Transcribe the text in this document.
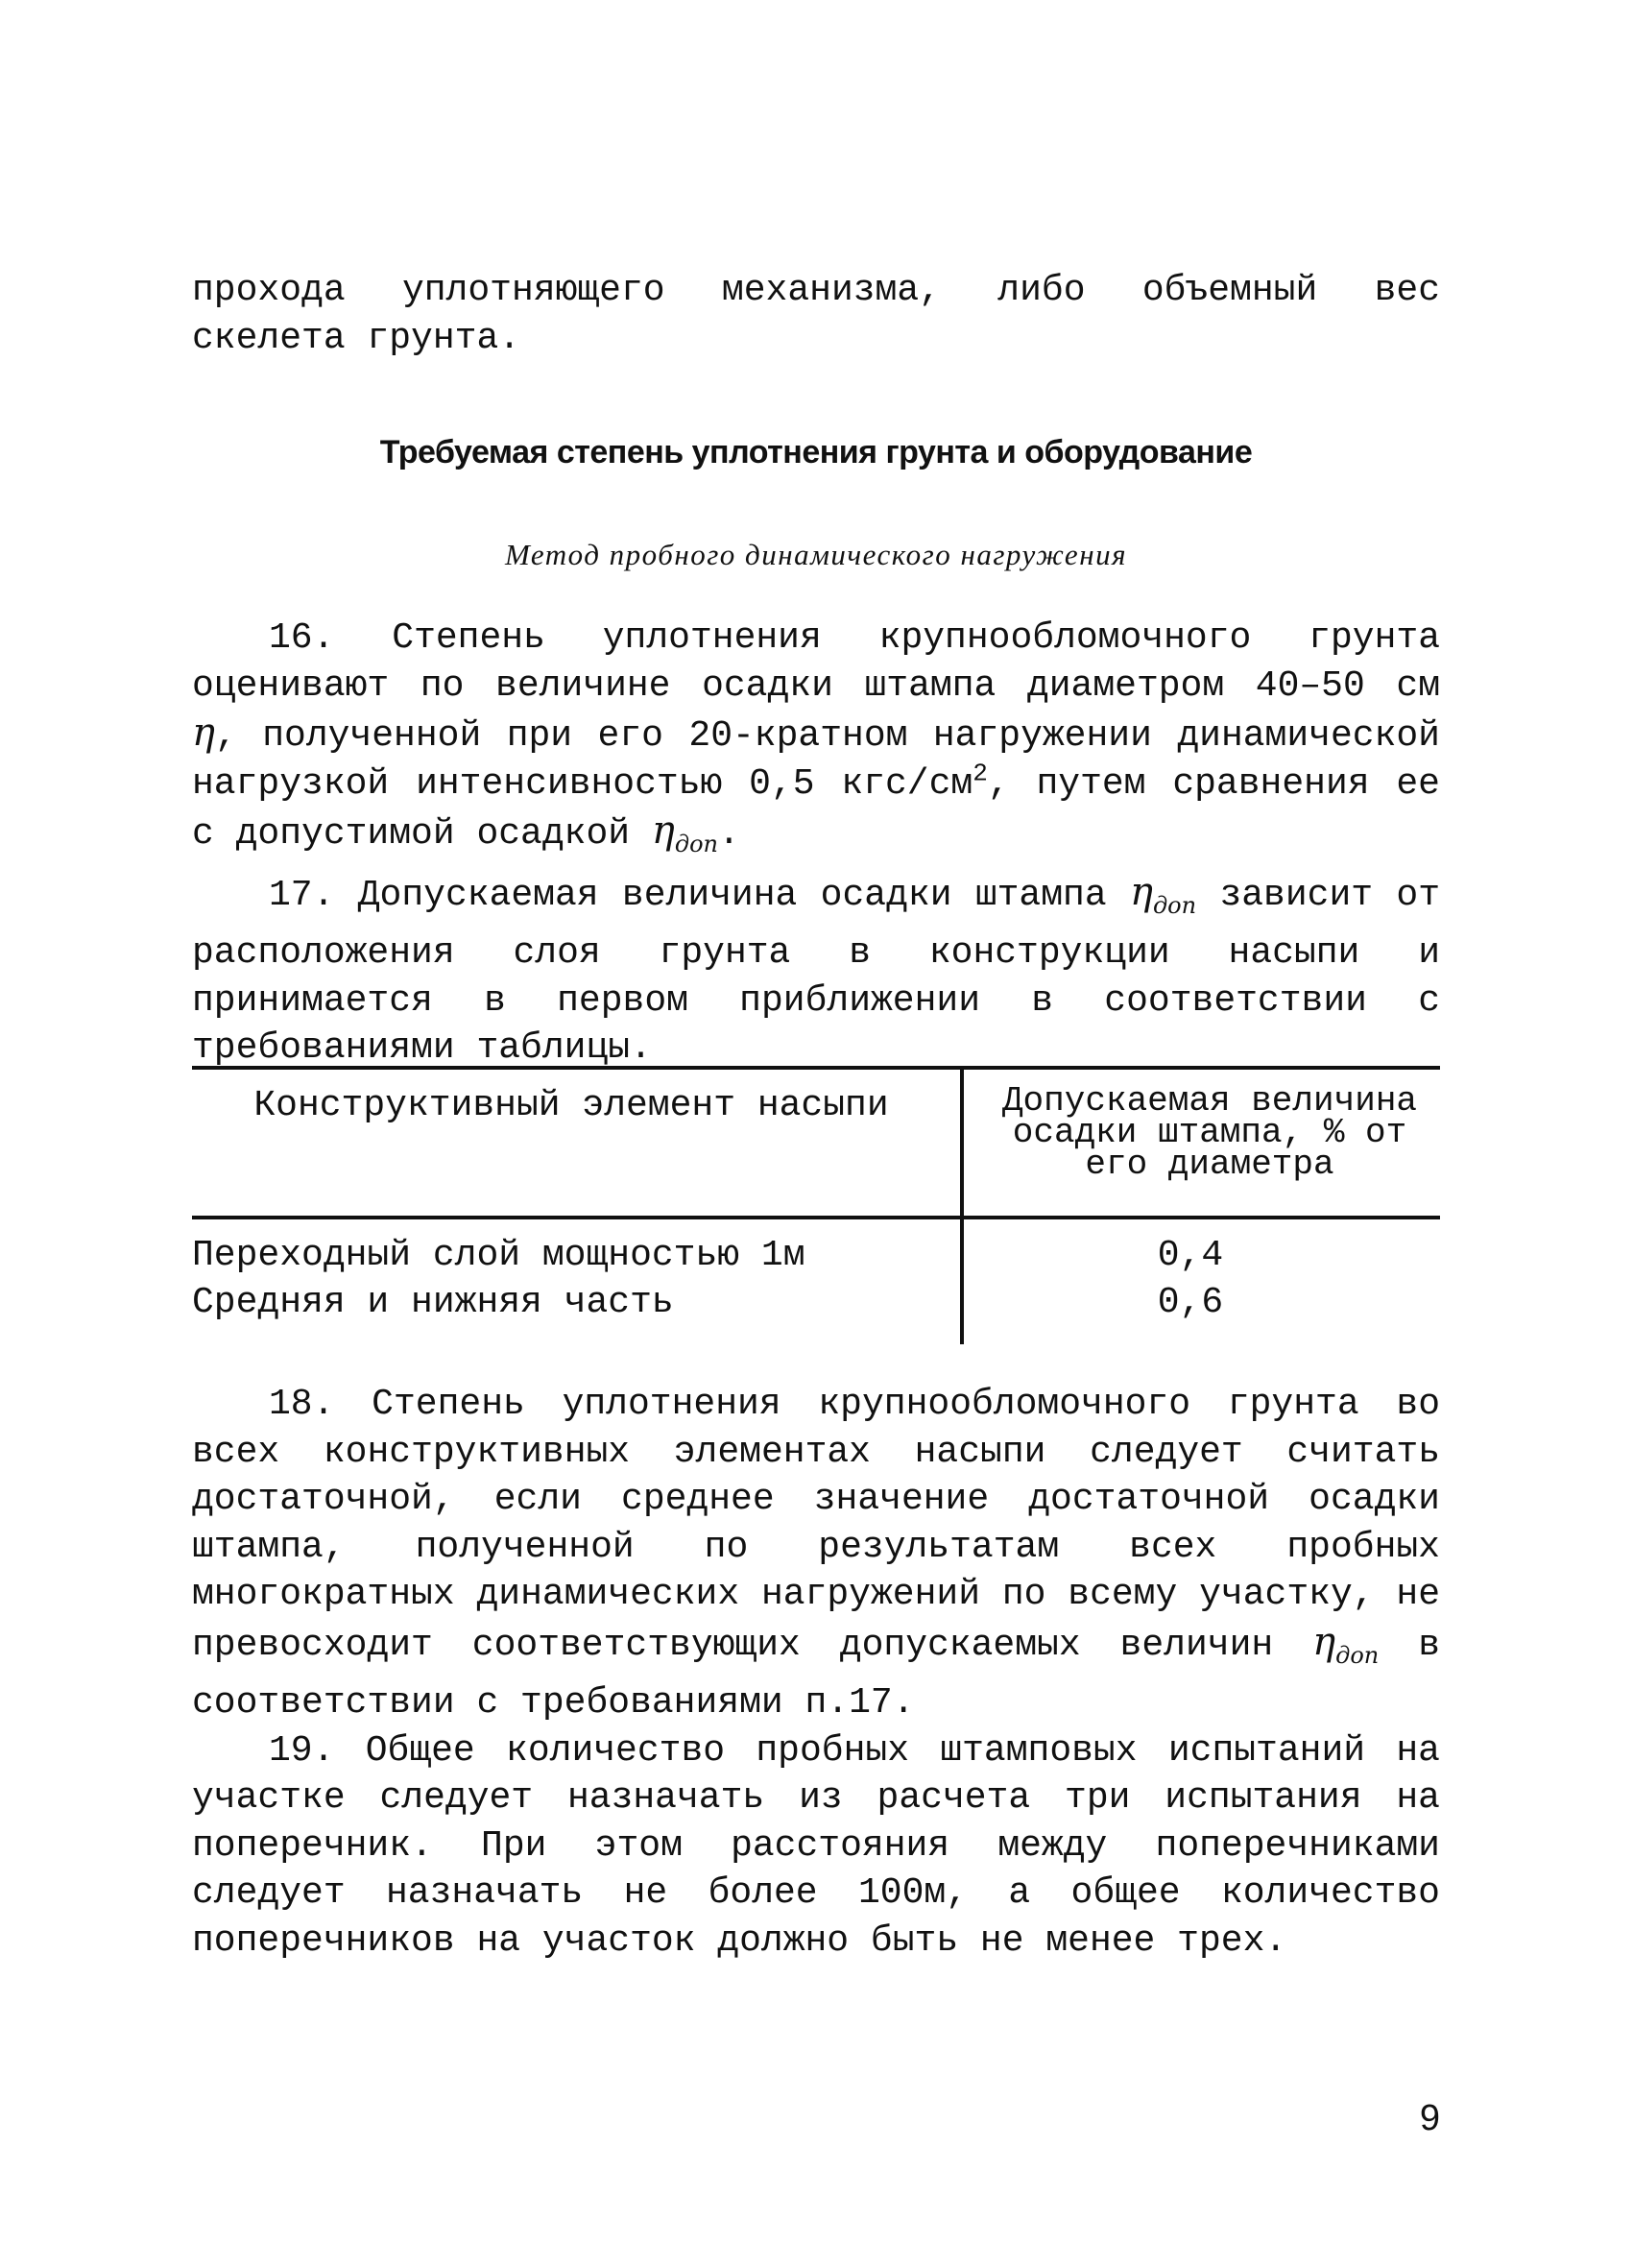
прохода уплотняющего механизма, либо объемный вес

скелета грунта.

Требуемая степень уплотнения грунта и оборудование
Метод пробного динамического нагружения

16. Степень уплотнения крупнообломочного грунта оценивают по величине осадки штампа диаметром 40–50 см η, полученной при его 20-кратном нагружении динамической нагрузкой интенсивностью 0,5 кгс/$см^2$, путем сравнения ее с допустимой осадкой $\eta_{доп}$.

17. Допускаемая величина осадки штампа $\eta_{доп}$ зависит от расположения слоя грунта в конструкции насыпи и принимается в первом приближении в соответствии с требованиями таблицы.

Конструктивный элемент насыпи	Допускаемая величина осадки штампа, % от его диаметра
Переходный слой мощностью 1м	0,4
Средняя и нижняя часть	0,6

18. Степень уплотнения крупнообломочного грунта во всех конструктивных элементах насыпи следует считать достаточной, если среднее значение достаточной осадки штампа, полученной по результатам всех пробных многократных динамических нагружений по всему участку, не превосходит соответствующих допускаемых величин $\eta_{доп}$ в соответствии с требованиями п.17.

19. Общее количество пробных штамповых испытаний на участке следует назначать из расчета три испытания на поперечник. При этом расстояния между поперечниками следует назначать не более 100м, а общее количество поперечников на участок должно быть не менее трех.

9
